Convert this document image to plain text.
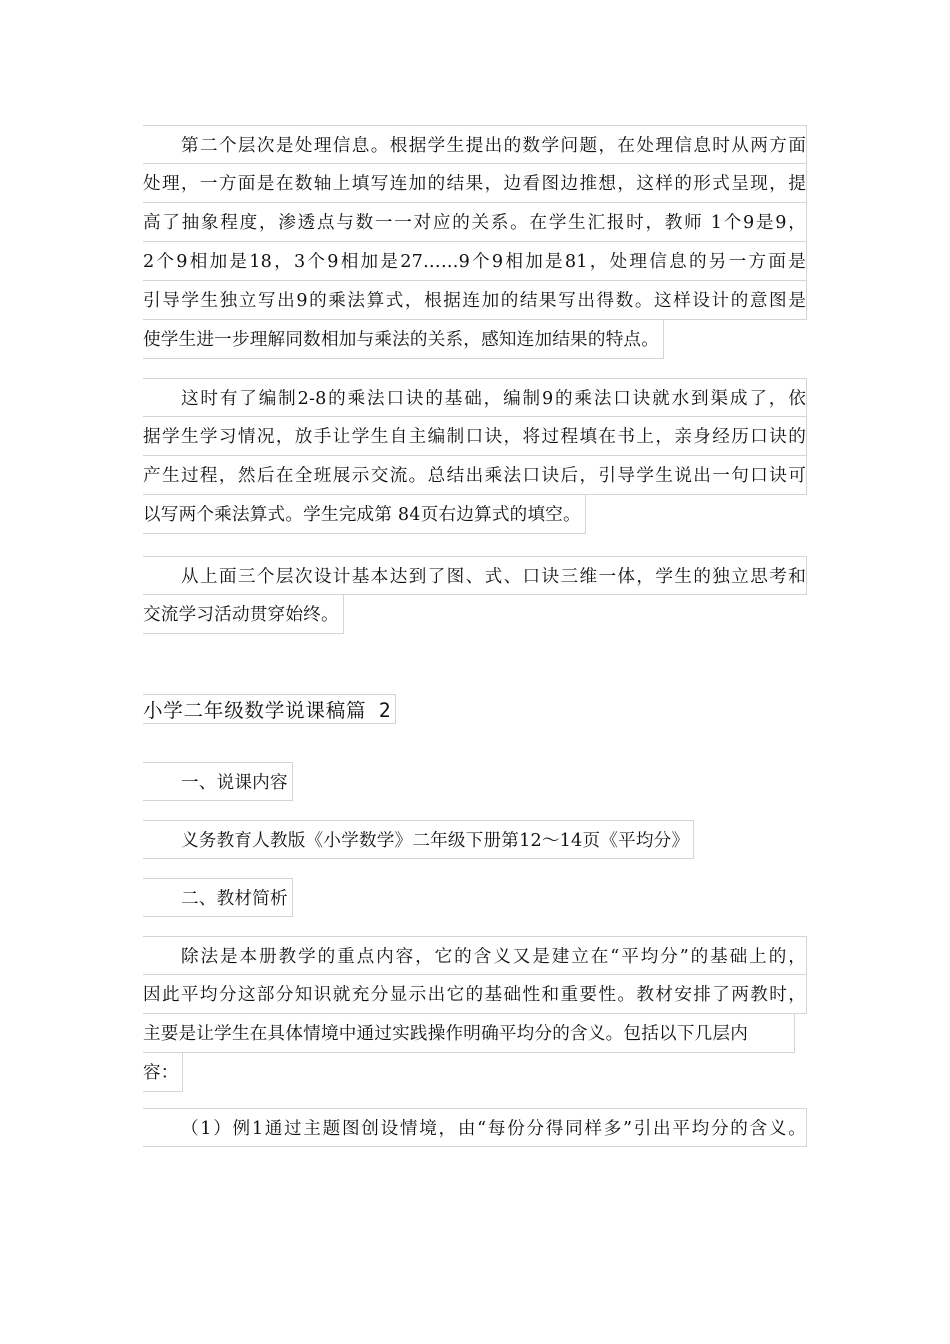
第二个层次是处理信息。根据学生提出的数学问题，在处理信息时从两方面
处理，一方面是在数轴上填写连加的结果，边看图边推想，这样的形式呈现，提
高了抽象程度，渗透点与数一一对应的关系。在学生汇报时，教师 1个9是9，
2个9相加是18，3个9相加是27……9个9相加是81，处理信息的另一方面是
引导学生独立写出9的乘法算式，根据连加的结果写出得数。这样设计的意图是
使学生进一步理解同数相加与乘法的关系，感知连加结果的特点。
这时有了编制2-8的乘法口诀的基础，编制9的乘法口诀就水到渠成了，依
据学生学习情况，放手让学生自主编制口诀，将过程填在书上，亲身经历口诀的
产生过程，然后在全班展示交流。总结出乘法口诀后，引导学生说出一句口诀可
以写两个乘法算式。学生完成第 84页右边算式的填空。
从上面三个层次设计基本达到了图、式、口诀三维一体，学生的独立思考和
交流学习活动贯穿始终。
小学二年级数学说课稿篇 2
一、说课内容
义务教育人教版《小学数学》二年级下册第12～14页《平均分》
二、教材简析
除法是本册教学的重点内容，它的含义又是建立在“平均分”的基础上的，
因此平均分这部分知识就充分显示出它的基础性和重要性。教材安排了两教时，
主要是让学生在具体情境中通过实践操作明确平均分的含义。包括以下几层内
容：
（1）例1通过主题图创设情境，由“每份分得同样多”引出平均分的含义。
